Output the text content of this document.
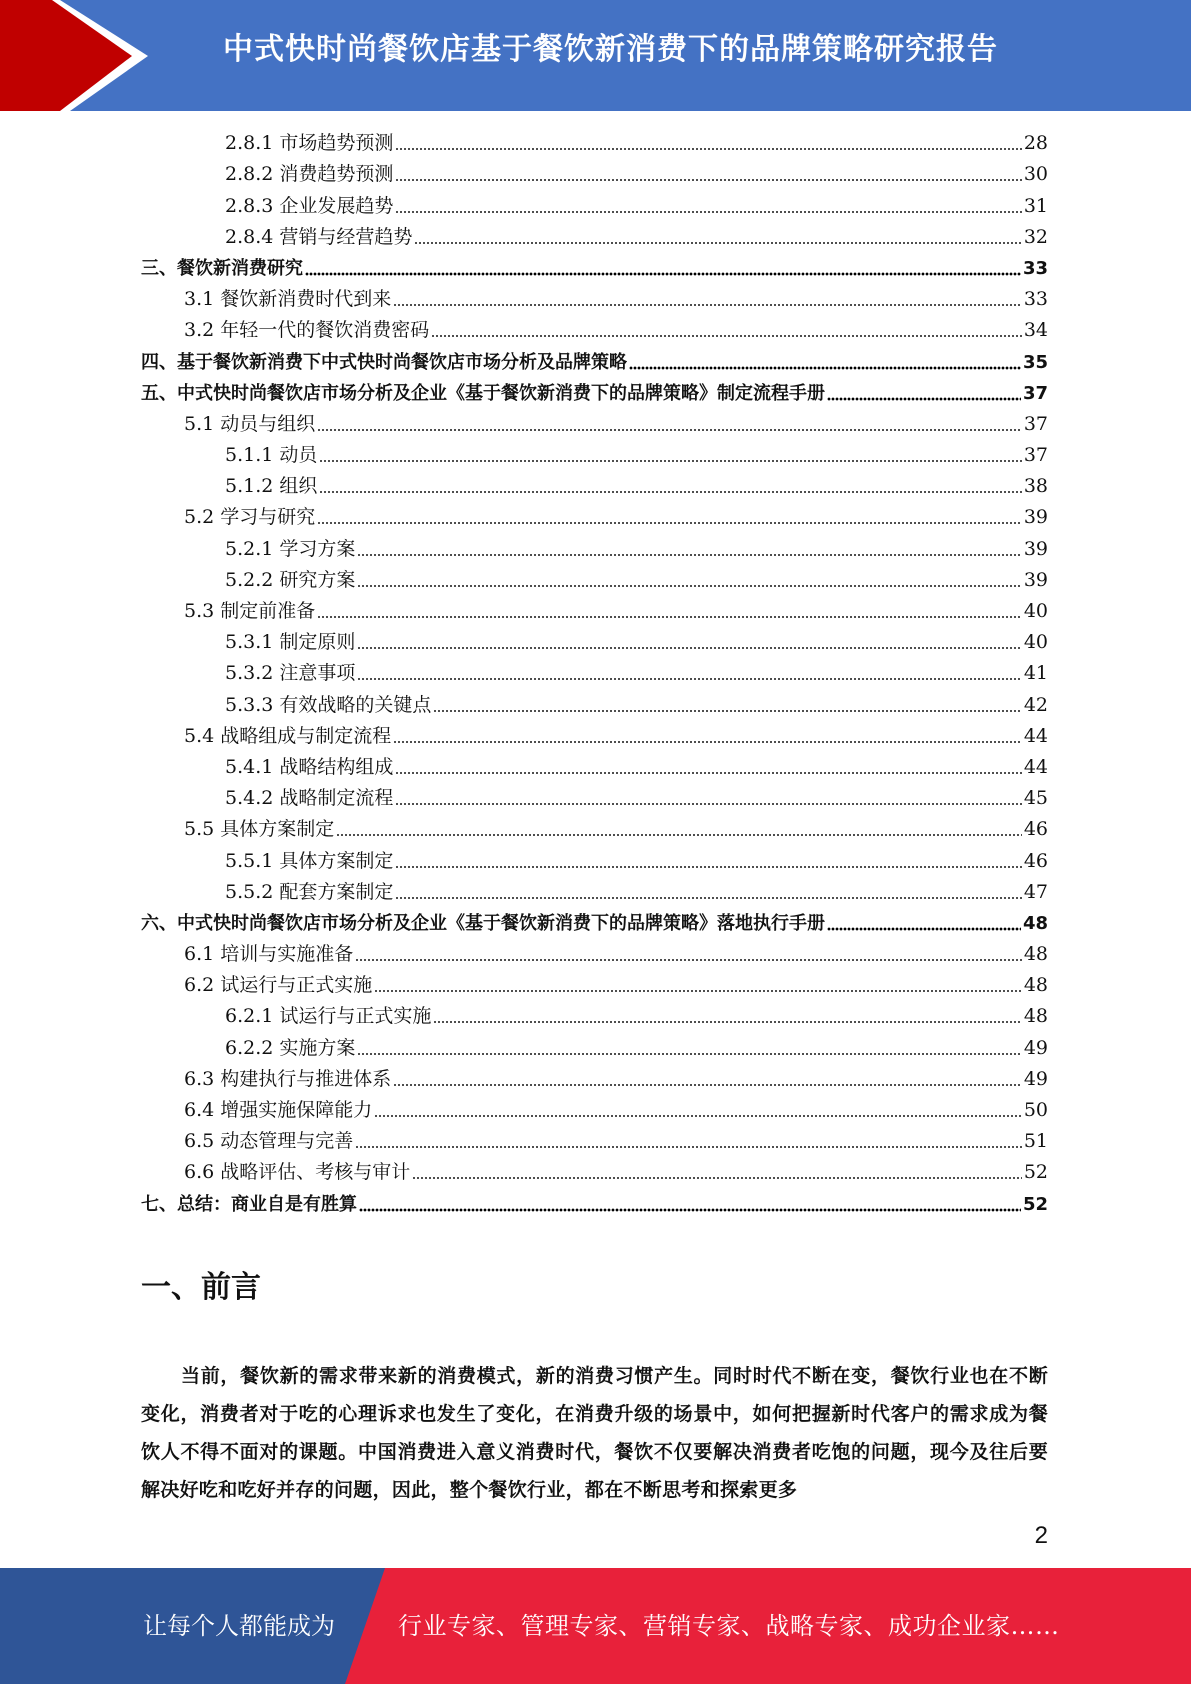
中式快时尚餐饮店基于餐饮新消费下的品牌策略研究报告
2.8.1 市场趋势预测	28
2.8.2 消费趋势预测	30
2.8.3 企业发展趋势	31
2.8.4 营销与经营趋势	32
三、餐饮新消费研究	33
3.1 餐饮新消费时代到来	33
3.2 年轻一代的餐饮消费密码	34
四、基于餐饮新消费下中式快时尚餐饮店市场分析及品牌策略	35
五、中式快时尚餐饮店市场分析及企业《基于餐饮新消费下的品牌策略》制定流程手册	37
5.1 动员与组织	37
5.1.1 动员	37
5.1.2 组织	38
5.2 学习与研究	39
5.2.1 学习方案	39
5.2.2 研究方案	39
5.3 制定前准备	40
5.3.1 制定原则	40
5.3.2 注意事项	41
5.3.3 有效战略的关键点	42
5.4 战略组成与制定流程	44
5.4.1 战略结构组成	44
5.4.2 战略制定流程	45
5.5 具体方案制定	46
5.5.1 具体方案制定	46
5.5.2 配套方案制定	47
六、中式快时尚餐饮店市场分析及企业《基于餐饮新消费下的品牌策略》落地执行手册	48
6.1 培训与实施准备	48
6.2 试运行与正式实施	48
6.2.1 试运行与正式实施	48
6.2.2 实施方案	49
6.3 构建执行与推进体系	49
6.4 增强实施保障能力	50
6.5 动态管理与完善	51
6.6 战略评估、考核与审计	52
七、总结：商业自是有胜算	52
一、前言

当前，餐饮新的需求带来新的消费模式，新的消费习惯产生。同时时代不断在变，餐饮行业也在不断变化，消费者对于吃的心理诉求也发生了变化，在消费升级的场景中，如何把握新时代客户的需求成为餐饮人不得不面对的课题。中国消费进入意义消费时代，餐饮不仅要解决消费者吃饱的问题，现今及往后要解决好吃和吃好并存的问题，因此，整个餐饮行业，都在不断思考和探索更多

2
让每个人都能成为	行业专家、管理专家、营销专家、战略专家、成功企业家……
